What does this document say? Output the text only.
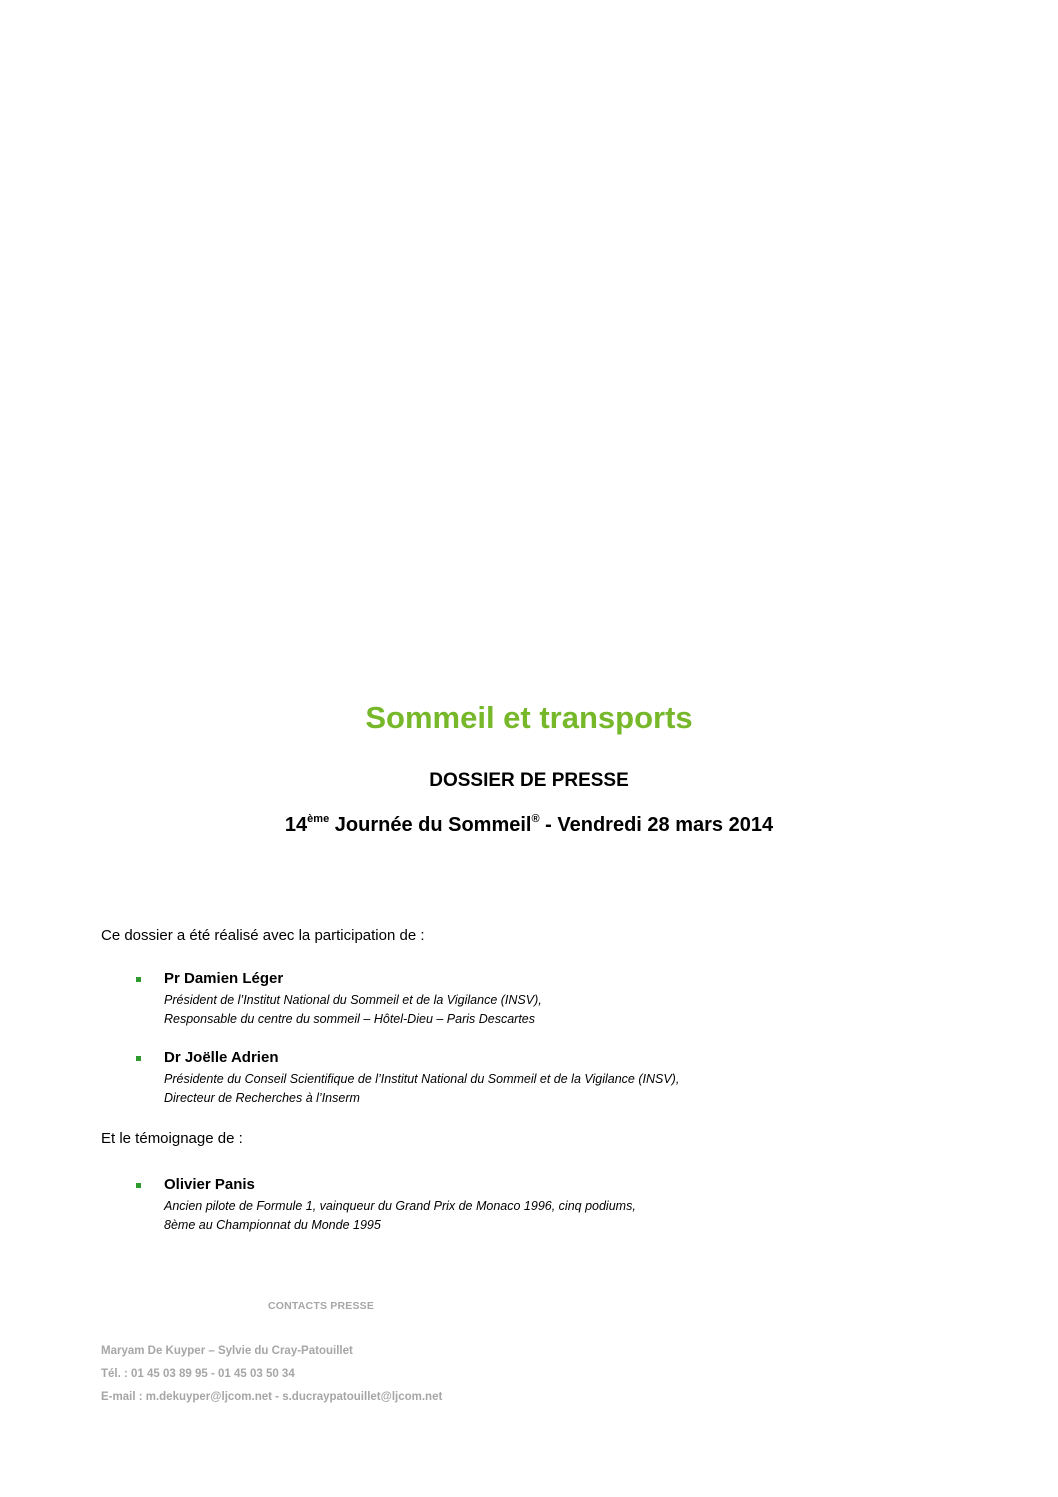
Sommeil et transports
DOSSIER DE PRESSE
14ème Journée du Sommeil® - Vendredi 28 mars 2014
Ce dossier a été réalisé avec la participation de :
Pr Damien Léger
Président de l’Institut National du Sommeil et de la Vigilance (INSV),
Responsable du centre du sommeil – Hôtel-Dieu – Paris Descartes
Dr Joëlle Adrien
Présidente du Conseil Scientifique de l’Institut National du Sommeil et de la Vigilance (INSV),
Directeur de Recherches à l’Inserm
Et le témoignage de :
Olivier Panis
Ancien pilote de Formule 1, vainqueur du Grand Prix de Monaco 1996, cinq podiums,
8ème au Championnat du Monde 1995
CONTACTS PRESSE
Maryam De Kuyper – Sylvie du Cray-Patouillet
Tél. : 01 45 03 89 95 - 01 45 03 50 34
E-mail : m.dekuyper@ljcom.net - s.ducraypatouillet@ljcom.net
